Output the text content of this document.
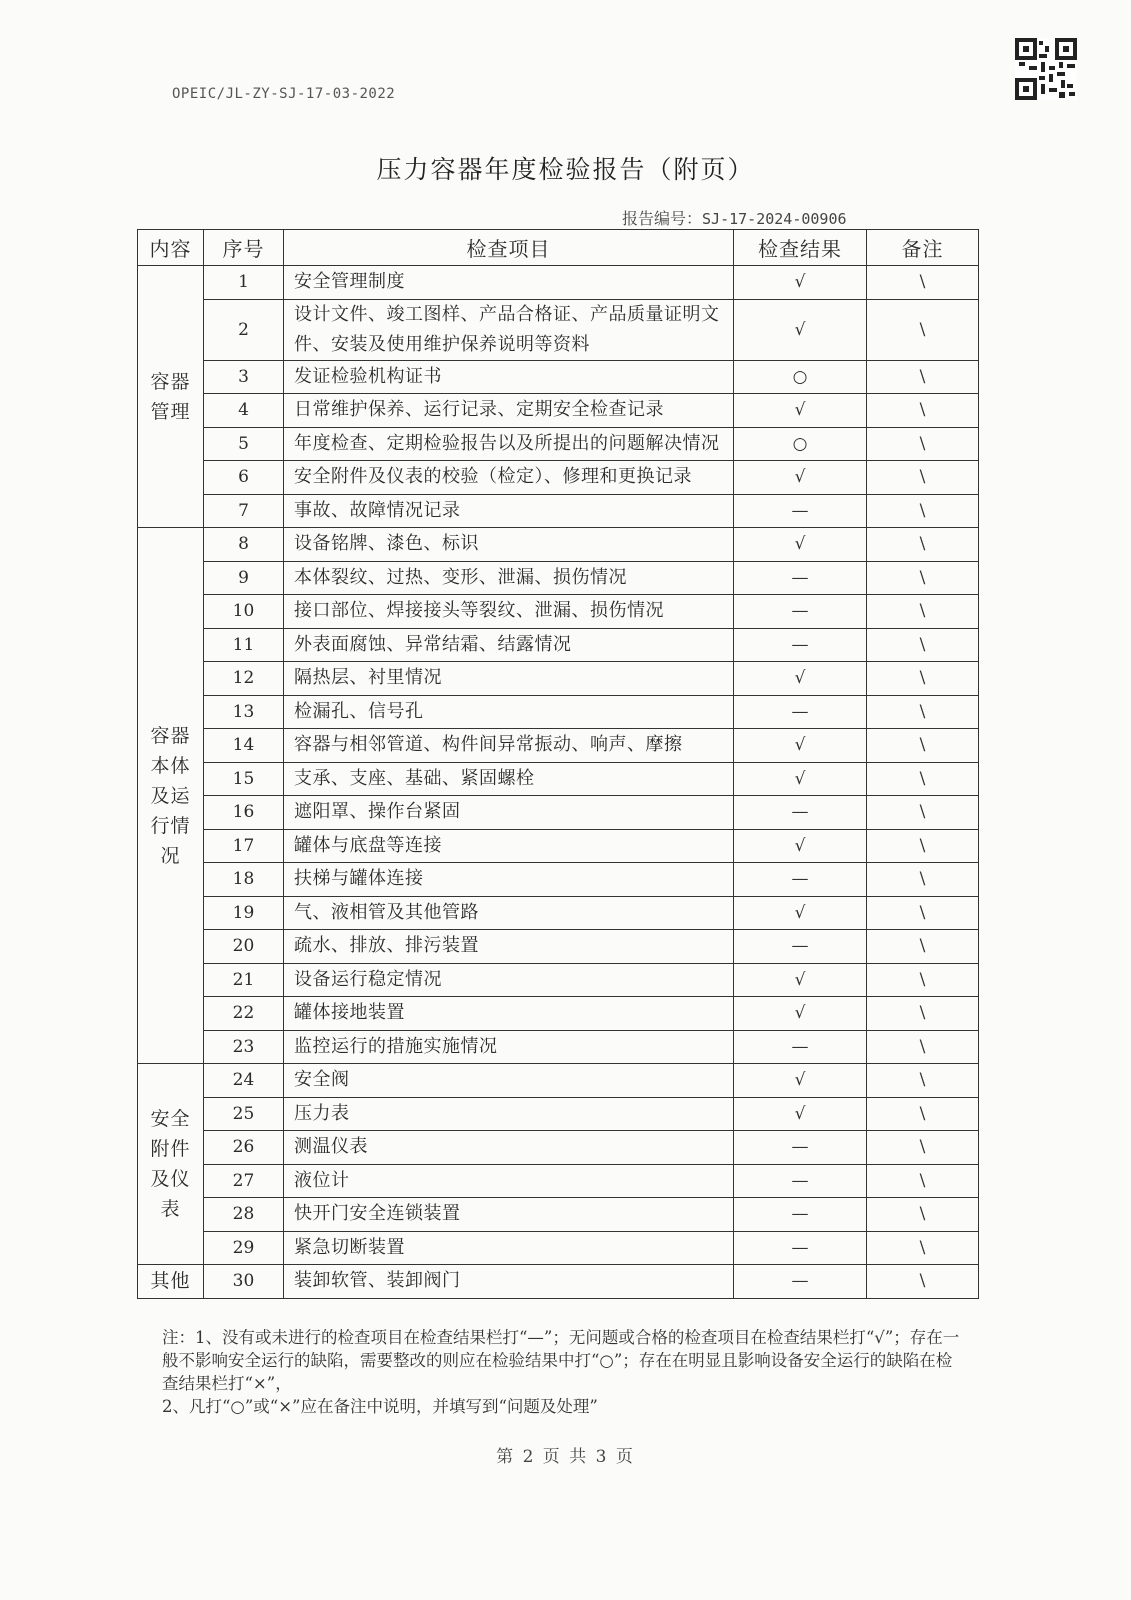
OPEIC/JL-ZY-SJ-17-03-2022
压力容器年度检验报告（附页）
报告编号：SJ-17-2024-00906
内容	序号	检查项目	检查结果	备注
容器管理	1	安全管理制度	√	\
	2	设计文件、竣工图样、产品合格证、产品质量证明文件、安装及使用维护保养说明等资料	√	\
	3	发证检验机构证书	○	\
	4	日常维护保养、运行记录、定期安全检查记录	√	\
	5	年度检查、定期检验报告以及所提出的问题解决情况	○	\
	6	安全附件及仪表的校验（检定）、修理和更换记录	√	\
	7	事故、故障情况记录	—	\
容器本体及运行情况	8	设备铭牌、漆色、标识	√	\
	9	本体裂纹、过热、变形、泄漏、损伤情况	—	\
	10	接口部位、焊接接头等裂纹、泄漏、损伤情况	—	\
	11	外表面腐蚀、异常结霜、结露情况	—	\
	12	隔热层、衬里情况	√	\
	13	检漏孔、信号孔	—	\
	14	容器与相邻管道、构件间异常振动、响声、摩擦	√	\
	15	支承、支座、基础、紧固螺栓	√	\
	16	遮阳罩、操作台紧固	—	\
	17	罐体与底盘等连接	√	\
	18	扶梯与罐体连接	—	\
	19	气、液相管及其他管路	√	\
	20	疏水、排放、排污装置	—	\
	21	设备运行稳定情况	√	\
	22	罐体接地装置	√	\
	23	监控运行的措施实施情况	—	\
安全附件及仪表	24	安全阀	√	\
	25	压力表	√	\
	26	测温仪表	—	\
	27	液位计	—	\
	28	快开门安全连锁装置	—	\
	29	紧急切断装置	—	\
其他	30	装卸软管、装卸阀门	—	\

注：1、没有或未进行的检查项目在检查结果栏打“—”；无问题或合格的检查项目在检查结果栏打“√”；存在一般不影响安全运行的缺陷，需要整改的则应在检验结果中打“○”；存在在明显且影响设备安全运行的缺陷在检查结果栏打“×”，

2、凡打“○”或“×”应在备注中说明，并填写到“问题及处理”

第 2 页 共 3 页
